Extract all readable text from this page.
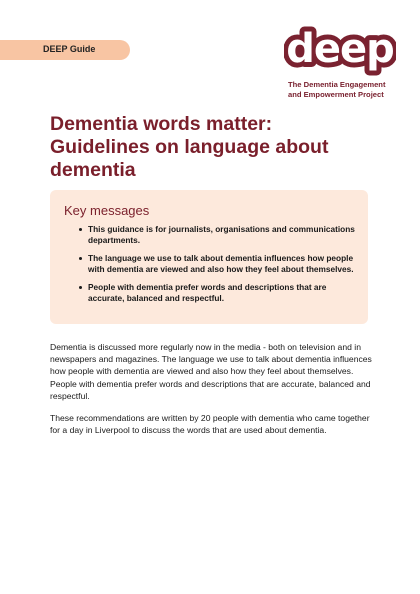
DEEP Guide	deep
The Dementia Engagement
and Empowerment Project
Dementia words matter:
Guidelines on language about
dementia
Key messages
This guidance is for journalists, organisations and communications departments.
The language we use to talk about dementia influences how people with dementia are viewed and also how they feel about themselves.
People with dementia prefer words and descriptions that are accurate, balanced and respectful.

Dementia is discussed more regularly now in the media - both on television and in newspapers and magazines. The language we use to talk about dementia influences how people with dementia are viewed and also how they feel about themselves. People with dementia prefer words and descriptions that are accurate, balanced and respectful.

These recommendations are written by 20 people with dementia who came together for a day in Liverpool to discuss the words that are used about dementia.
